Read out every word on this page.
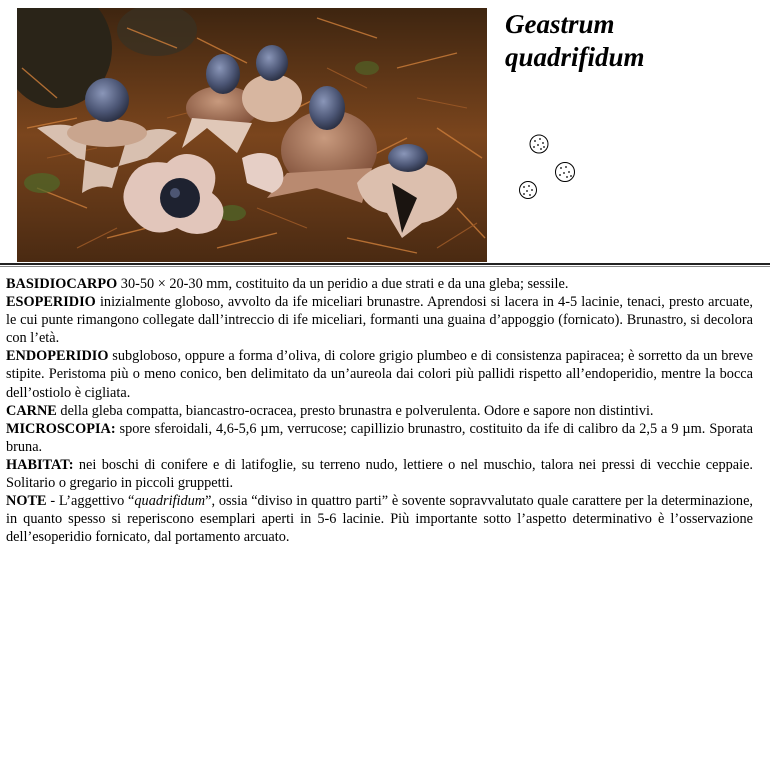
Geastrum
quadrifidum

BASIDIOCARPO 30-50 × 20-30 mm, costituito da un peridio a due strati e da una gleba; sessile.

ESOPERIDIO inizialmente globoso, avvolto da ife miceliari brunastre. Aprendosi si lacera in 4-5 lacinie, tenaci, presto arcuate, le cui punte rimangono collegate dall’intreccio di ife miceliari, formanti una guaina d’appoggio (fornicato). Brunastro, si decolora con l’età.

ENDOPERIDIO subgloboso, oppure a forma d’oliva, di colore grigio plumbeo e di consistenza papiracea; è sorretto da un breve stipite. Peristoma più o meno conico, ben delimitato da un’aureola dai colori più pallidi rispetto all’endoperidio, mentre la bocca dell’ostiolo è cigliata.

CARNE della gleba compatta, biancastro-ocracea, presto brunastra e polverulenta. Odore e sapore non distintivi.

MICROSCOPIA: spore sferoidali, 4,6-5,6 µm, verrucose; capillizio brunastro, costituito da ife di calibro da 2,5 a 9 µm. Sporata bruna.

HABITAT: nei boschi di conifere e di latifoglie, su terreno nudo, lettiere o nel muschio, talora nei pressi di vecchie ceppaie. Solitario o gregario in piccoli gruppetti.

NOTE - L’aggettivo “quadrifidum”, ossia “diviso in quattro parti” è sovente sopravvalutato quale carattere per la determinazione, in quanto spesso si reperiscono esemplari aperti in 5-6 lacinie. Più importante sotto l’aspetto determinativo è l’osservazione dell’esoperidio fornicato, dal portamento arcuato.
